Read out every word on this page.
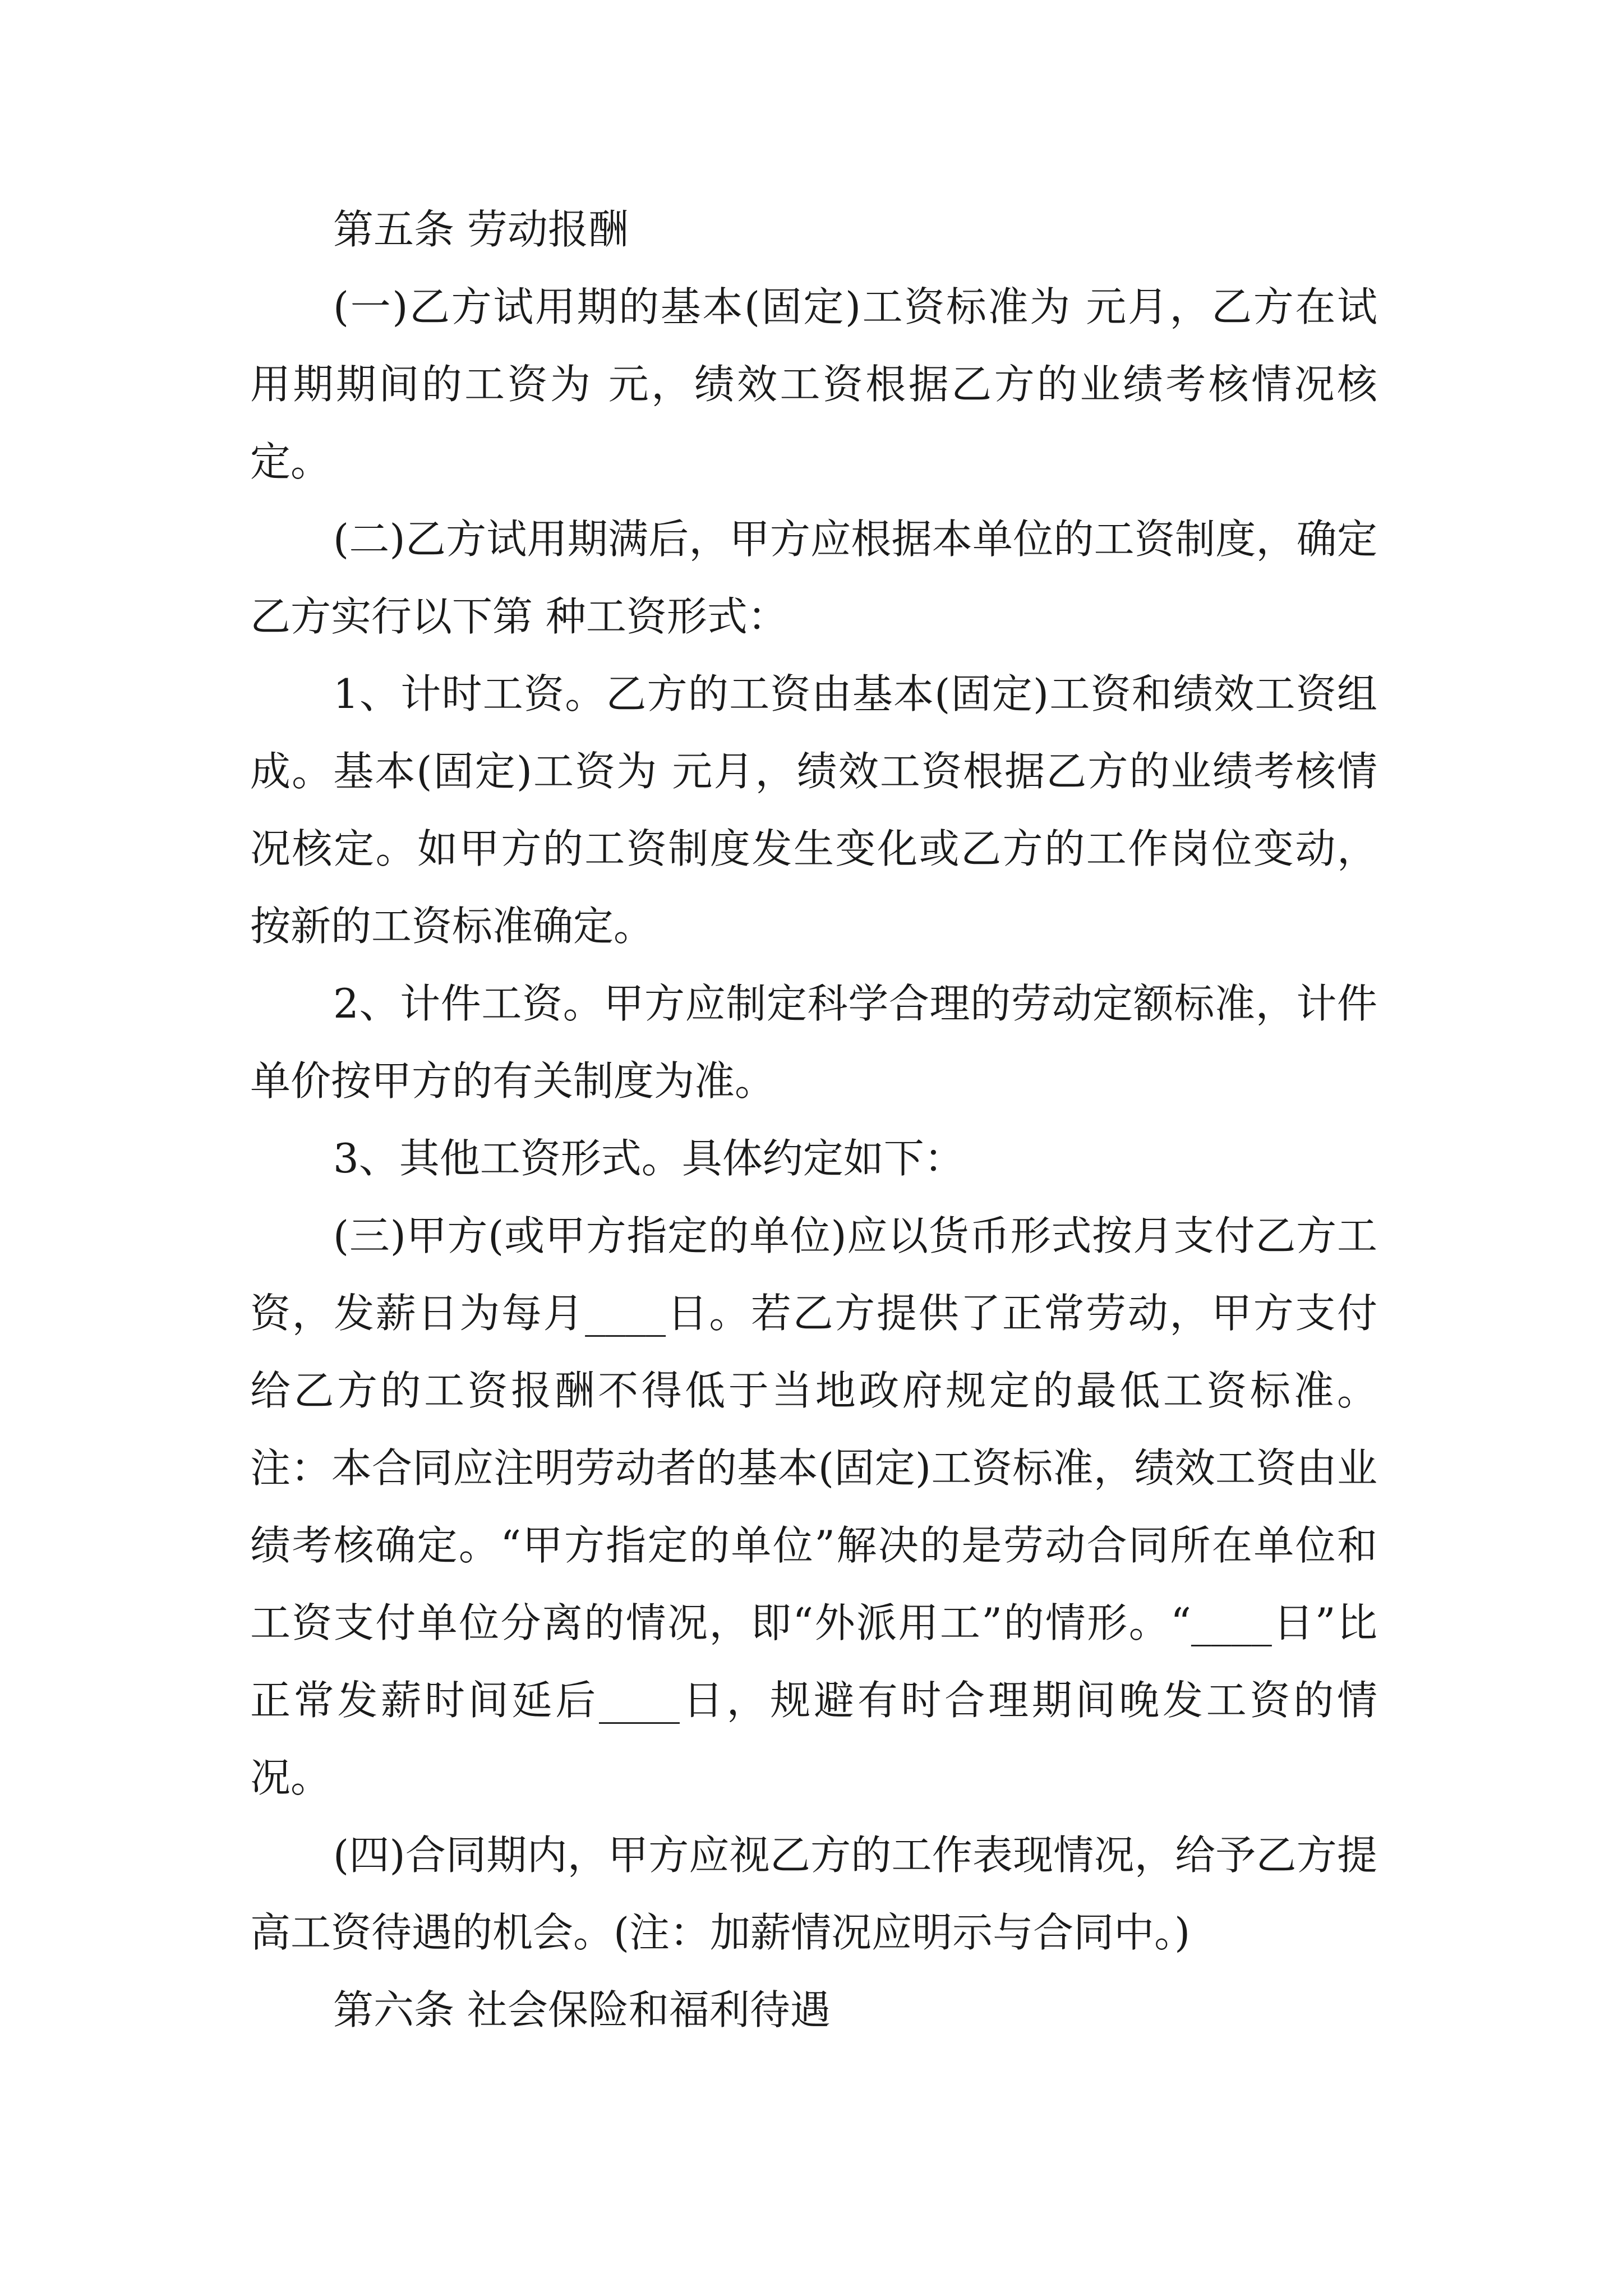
第五条 劳动报酬

(一)乙方试用期的基本(固定)工资标准为 元月，乙方在试用期期间的工资为 元，绩效工资根据乙方的业绩考核情况核定。

(二)乙方试用期满后，甲方应根据本单位的工资制度，确定乙方实行以下第 种工资形式：

1、计时工资。乙方的工资由基本(固定)工资和绩效工资组成。基本(固定)工资为 元月，绩效工资根据乙方的业绩考核情况核定。如甲方的工资制度发生变化或乙方的工作岗位变动，按新的工资标准确定。

2、计件工资。甲方应制定科学合理的劳动定额标准，计件单价按甲方的有关制度为准。

3、其他工资形式。具体约定如下：

(三)甲方(或甲方指定的单位)应以货币形式按月支付乙方工资，发薪日为每月____日。若乙方提供了正常劳动，甲方支付给乙方的工资报酬不得低于当地政府规定的最低工资标准。注：本合同应注明劳动者的基本(固定)工资标准，绩效工资由业绩考核确定。“甲方指定的单位”解决的是劳动合同所在单位和工资支付单位分离的情况，即“外派用工”的情形。“____日”比正常发薪时间延后____日，规避有时合理期间晚发工资的情况。

(四)合同期内，甲方应视乙方的工作表现情况，给予乙方提高工资待遇的机会。(注：加薪情况应明示与合同中。)

第六条 社会保险和福利待遇
